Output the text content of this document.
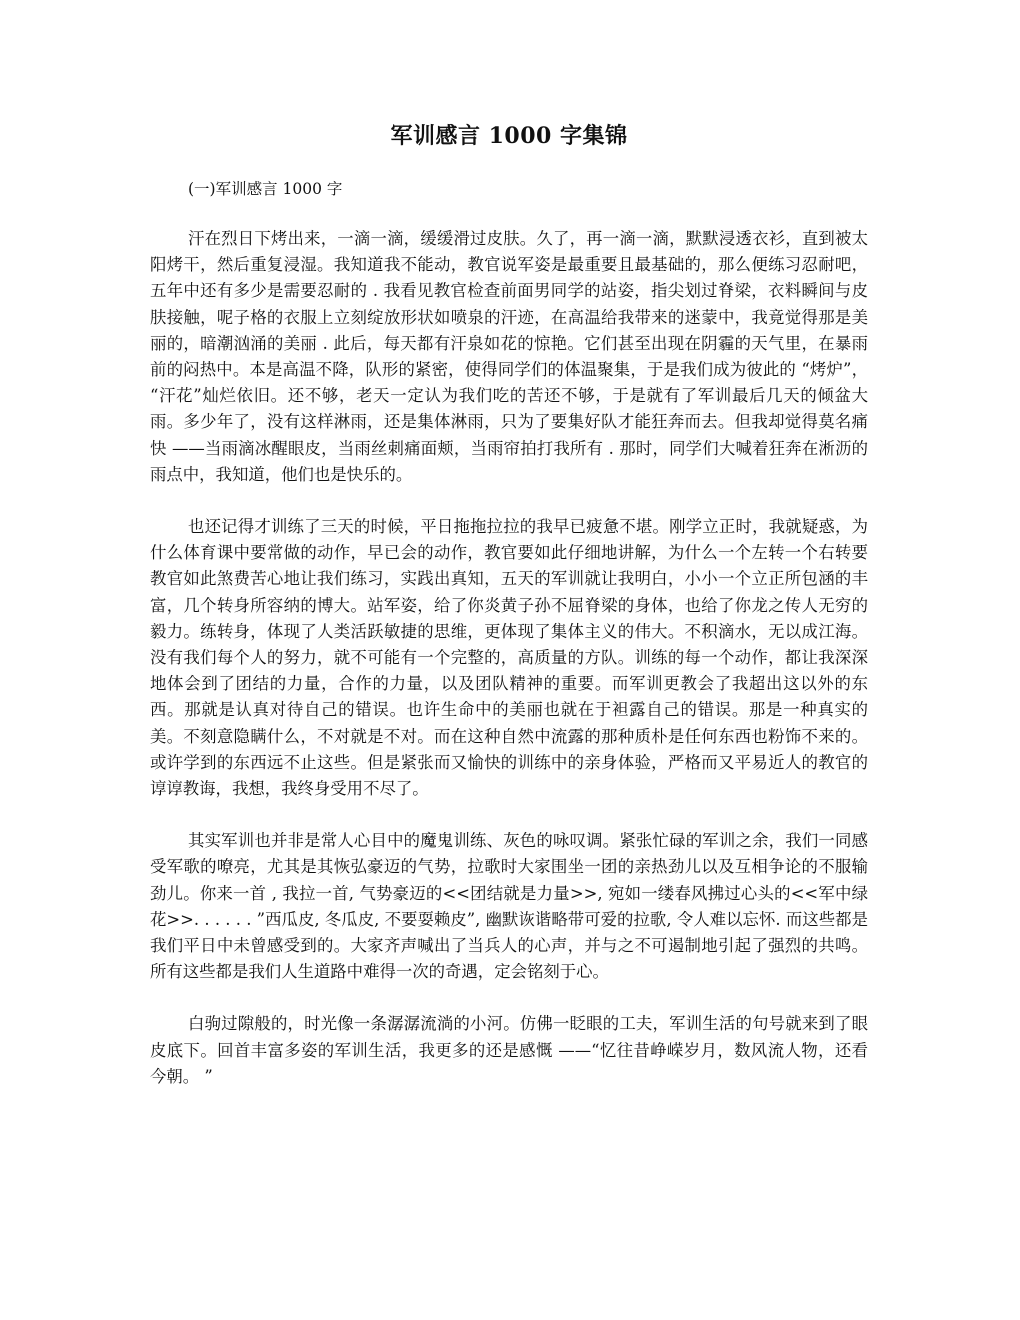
军训感言 1000 字集锦
(一)军训感言 1000 字

汗在烈日下烤出来，一滴一滴，缓缓滑过皮肤。久了，再一滴一滴，默默浸透衣衫，直到被太阳烤干，然后重复浸湿。我知道我不能动，教官说军姿是最重要且最基础的，那么便练习忍耐吧，五年中还有多少是需要忍耐的 . 我看见教官检查前面男同学的站姿，指尖划过脊梁，衣料瞬间与皮肤接触，呢子格的衣服上立刻绽放形状如喷泉的汗迹，在高温给我带来的迷蒙中，我竟觉得那是美丽的，暗潮汹涌的美丽 . 此后，每天都有汗泉如花的惊艳。它们甚至出现在阴霾的天气里，在暴雨前的闷热中。本是高温不降，队形的紧密，使得同学们的体温聚集，于是我们成为彼此的 “烤炉”， “汗花”灿烂依旧。还不够，老天一定认为我们吃的苦还不够，于是就有了军训最后几天的倾盆大雨。多少年了，没有这样淋雨，还是集体淋雨，只为了要集好队才能狂奔而去。但我却觉得莫名痛快 ——当雨滴冰醒眼皮，当雨丝刺痛面颊，当雨帘拍打我所有 . 那时，同学们大喊着狂奔在淅沥的雨点中，我知道，他们也是快乐的。

也还记得才训练了三天的时候，平日拖拖拉拉的我早已疲惫不堪。刚学立正时，我就疑惑，为什么体育课中要常做的动作，早已会的动作，教官要如此仔细地讲解，为什么一个左转一个右转要教官如此煞费苦心地让我们练习，实践出真知，五天的军训就让我明白，小小一个立正所包涵的丰富，几个转身所容纳的博大。站军姿，给了你炎黄子孙不屈脊梁的身体，也给了你龙之传人无穷的毅力。练转身，体现了人类活跃敏捷的思维，更体现了集体主义的伟大。不积滴水，无以成江海。没有我们每个人的努力，就不可能有一个完整的，高质量的方队。训练的每一个动作，都让我深深地体会到了团结的力量，合作的力量，以及团队精神的重要。而军训更教会了我超出这以外的东西。那就是认真对待自己的错误。也许生命中的美丽也就在于袒露自己的错误。那是一种真实的美。不刻意隐瞒什么，不对就是不对。而在这种自然中流露的那种质朴是任何东西也粉饰不来的。或许学到的东西远不止这些。但是紧张而又愉快的训练中的亲身体验，严格而又平易近人的教官的谆谆教诲，我想，我终身受用不尽了。

其实军训也并非是常人心目中的魔鬼训练、灰色的咏叹调。紧张忙碌的军训之余，我们一同感受军歌的嘹亮，尤其是其恢弘豪迈的气势，拉歌时大家围坐一团的亲热劲儿以及互相争论的不服输劲儿。你来一首 , 我拉一首, 气势豪迈的<<团结就是力量>>, 宛如一缕春风拂过心头的<<军中绿花>>. . . . . . ”西瓜皮, 冬瓜皮, 不要耍赖皮”, 幽默诙谐略带可爱的拉歌, 令人难以忘怀. 而这些都是我们平日中未曾感受到的。大家齐声喊出了当兵人的心声，并与之不可遏制地引起了强烈的共鸣。所有这些都是我们人生道路中难得一次的奇遇，定会铭刻于心。

白驹过隙般的，时光像一条潺潺流淌的小河。仿佛一眨眼的工夫，军训生活的句号就来到了眼皮底下。回首丰富多姿的军训生活，我更多的还是感慨 ——“忆往昔峥嵘岁月，数风流人物，还看今朝。 ”
